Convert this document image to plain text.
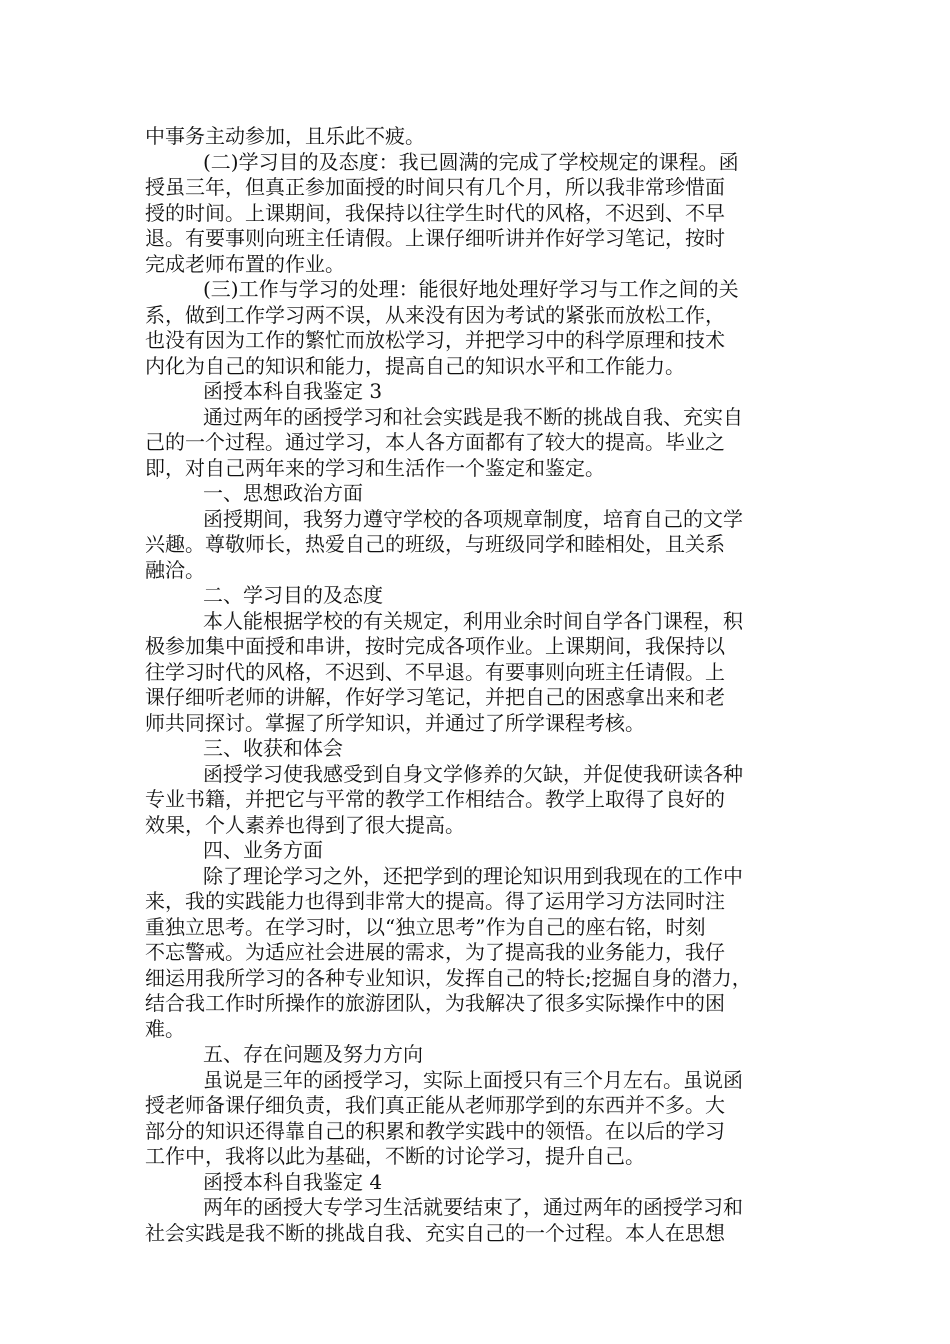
中事务主动参加，且乐此不疲。
(二)学习目的及态度：我已圆满的完成了学校规定的课程。函
授虽三年，但真正参加面授的时间只有几个月，所以我非常珍惜面
授的时间。上课期间，我保持以往学生时代的风格，不迟到、不早
退。有要事则向班主任请假。上课仔细听讲并作好学习笔记，按时
完成老师布置的作业。
(三)工作与学习的处理：能很好地处理好学习与工作之间的关
系，做到工作学习两不误，从来没有因为考试的紧张而放松工作，
也没有因为工作的繁忙而放松学习，并把学习中的科学原理和技术
内化为自己的知识和能力，提高自己的知识水平和工作能力。
函授本科自我鉴定 3
通过两年的函授学习和社会实践是我不断的挑战自我、充实自
己的一个过程。通过学习，本人各方面都有了较大的提高。毕业之
即，对自己两年来的学习和生活作一个鉴定和鉴定。
一、思想政治方面
函授期间，我努力遵守学校的各项规章制度，培育自己的文学
兴趣。尊敬师长，热爱自己的班级，与班级同学和睦相处，且关系
融洽。
二、学习目的及态度
本人能根据学校的有关规定，利用业余时间自学各门课程，积
极参加集中面授和串讲，按时完成各项作业。上课期间，我保持以
往学习时代的风格，不迟到、不早退。有要事则向班主任请假。上
课仔细听老师的讲解，作好学习笔记，并把自己的困惑拿出来和老
师共同探讨。掌握了所学知识，并通过了所学课程考核。
三、收获和体会
函授学习使我感受到自身文学修养的欠缺，并促使我研读各种
专业书籍，并把它与平常的教学工作相结合。教学上取得了良好的
效果，个人素养也得到了很大提高。
四、业务方面
除了理论学习之外，还把学到的理论知识用到我现在的工作中
来，我的实践能力也得到非常大的提高。得了运用学习方法同时注
重独立思考。在学习时，以“独立思考”作为自己的座右铭，时刻
不忘警戒。为适应社会进展的需求，为了提高我的业务能力，我仔
细运用我所学习的各种专业知识，发挥自己的特长;挖掘自身的潜力，
结合我工作时所操作的旅游团队，为我解决了很多实际操作中的困
难。
五、存在问题及努力方向
虽说是三年的函授学习，实际上面授只有三个月左右。虽说函
授老师备课仔细负责，我们真正能从老师那学到的东西并不多。大
部分的知识还得靠自己的积累和教学实践中的领悟。在以后的学习
工作中，我将以此为基础，不断的讨论学习，提升自己。
函授本科自我鉴定 4
两年的函授大专学习生活就要结束了，通过两年的函授学习和
社会实践是我不断的挑战自我、充实自己的一个过程。本人在思想
